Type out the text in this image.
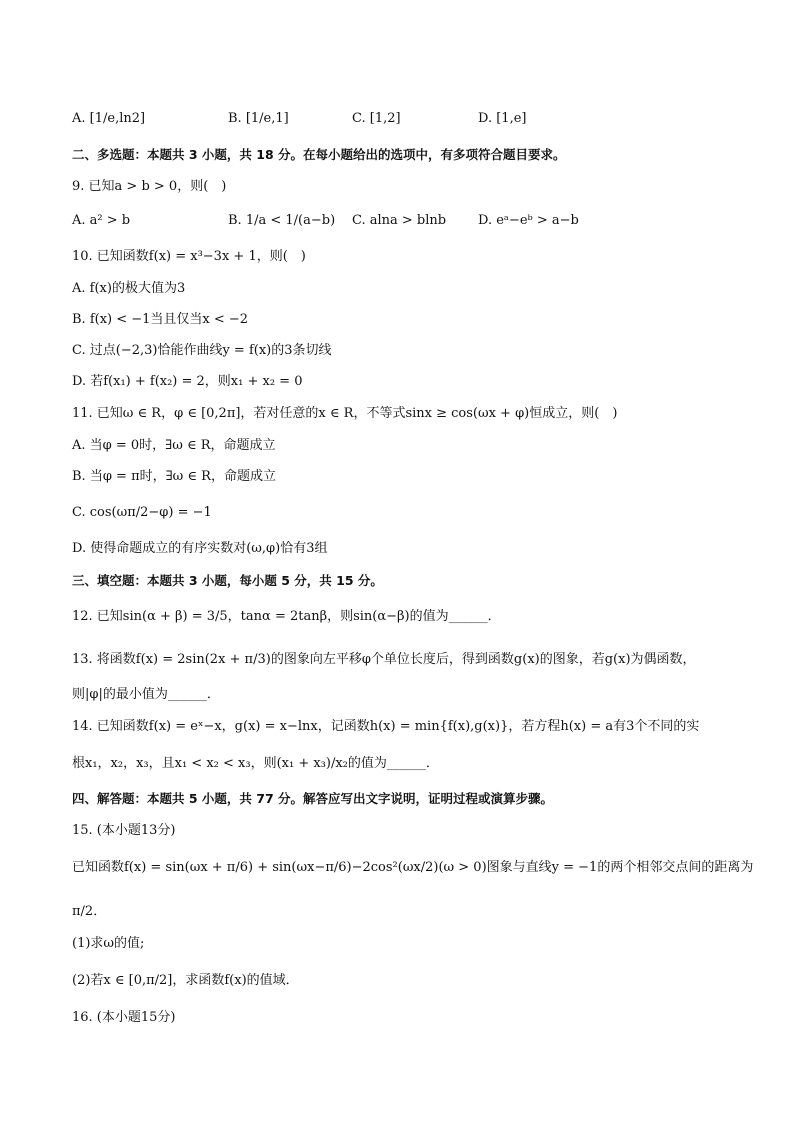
A. [1/e,ln2]	B. [1/e,1]	C. [1,2]	D. [1,e]
二、多选题：本题共 3 小题，共 18 分。在每小题给出的选项中，有多项符合题目要求。
9. 已知a > b > 0，则(　)
A. a² > b	B. 1/a < 1/(a−b) C. alna > blnb D. eᵃ−eᵇ > a−b
10. 已知函数f(x) = x³−3x + 1，则(　)
A. f(x)的极大值为3
B. f(x) < −1当且仅当x < −2
C. 过点(−2,3)恰能作曲线y = f(x)的3条切线
D. 若f(x₁) + f(x₂) = 2，则x₁ + x₂ = 0
11. 已知ω ∈ R，φ ∈ [0,2π]，若对任意的x ∈ R，不等式sinx ≥ cos(ωx + φ)恒成立，则(　)
A. 当φ = 0时，∃ω ∈ R，命题成立
B. 当φ = π时，∃ω ∈ R，命题成立
C. cos(ωπ/2−φ) = −1
D. 使得命题成立的有序实数对(ω,φ)恰有3组
三、填空题：本题共 3 小题，每小题 5 分，共 15 分。
12. 已知sin(α + β) = 3/5，tanα = 2tanβ，则sin(α−β)的值为______．
13. 将函数f(x) = 2sin(2x + π/3)的图象向左平移φ个单位长度后，得到函数g(x)的图象，若g(x)为偶函数，
则|φ|的最小值为______．
14. 已知函数f(x) = eˣ−x，g(x) = x−lnx，记函数h(x) = min{f(x),g(x)}，若方程h(x) = a有3个不同的实
根x₁，x₂，x₃，且x₁ < x₂ < x₃，则(x₁ + x₃)/x₂的值为______．
四、解答题：本题共 5 小题，共 77 分。解答应写出文字说明，证明过程或演算步骤。
15. (本小题13分)
已知函数f(x) = sin(ωx + π/6) + sin(ωx−π/6)−2cos²(ωx/2)(ω > 0)图象与直线y = −1的两个相邻交点间的距离为
π/2．
(1)求ω的值;
(2)若x ∈ [0,π/2]，求函数f(x)的值域．
16. (本小题15分)
